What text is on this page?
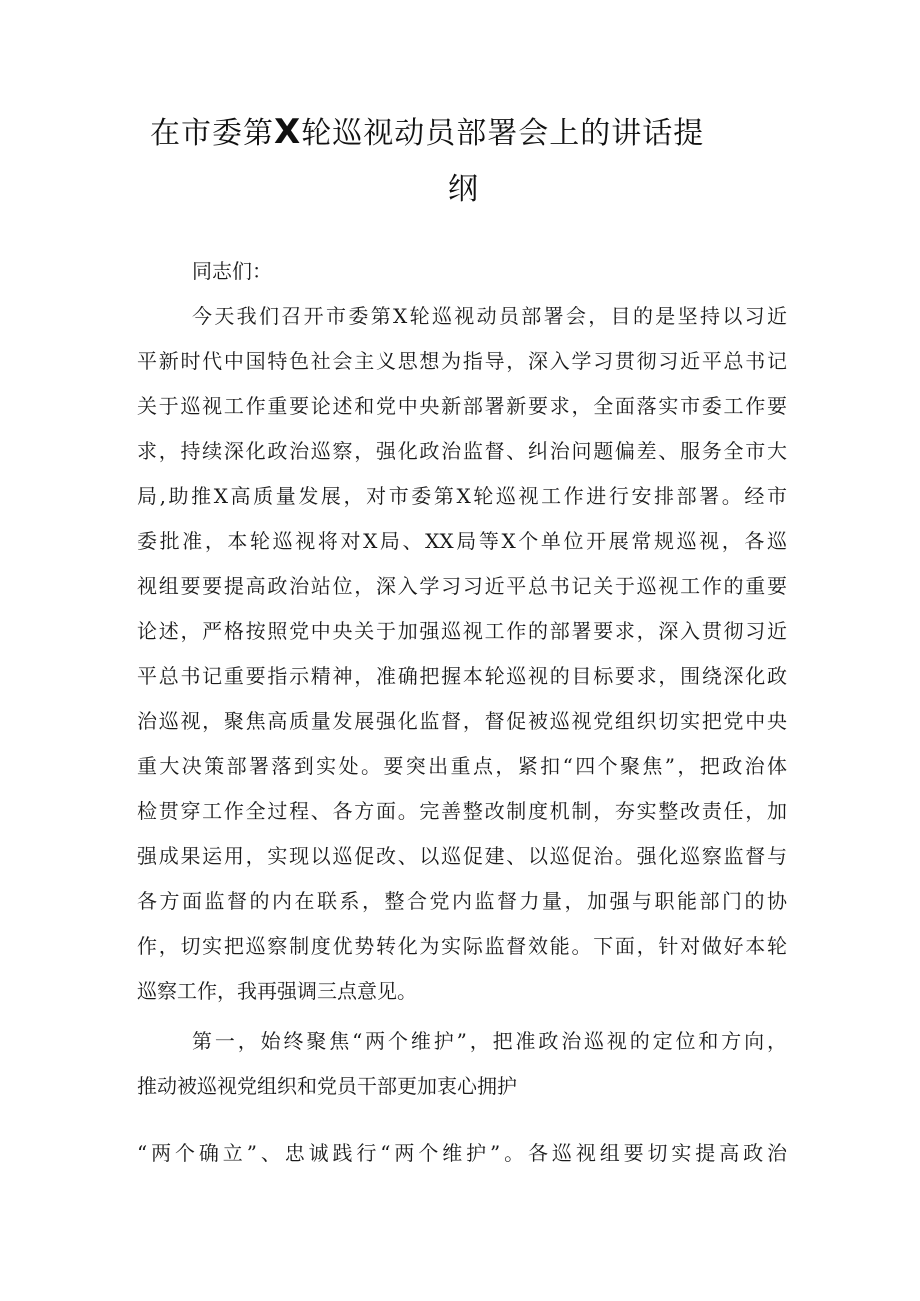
在市委第X轮巡视动员部署会上的讲话提
纲
同志们：
今天我们召开市委第X轮巡视动员部署会，目的是坚持以习近
平新时代中国特色社会主义思想为指导，深入学习贯彻习近平总书记
关于巡视工作重要论述和党中央新部署新要求，全面落实市委工作要
求，持续深化政治巡察，强化政治监督、纠治问题偏差、服务全市大
局,助推X高质量发展，对市委第X轮巡视工作进行安排部署。经市
委批准，本轮巡视将对X局、XX局等X个单位开展常规巡视，各巡
视组要要提高政治站位，深入学习习近平总书记关于巡视工作的重要
论述，严格按照党中央关于加强巡视工作的部署要求，深入贯彻习近
平总书记重要指示精神，准确把握本轮巡视的目标要求，围绕深化政
治巡视，聚焦高质量发展强化监督，督促被巡视党组织切实把党中央
重大决策部署落到实处。要突出重点，紧扣“四个聚焦”，把政治体
检贯穿工作全过程、各方面。完善整改制度机制，夯实整改责任，加
强成果运用，实现以巡促改、以巡促建、以巡促治。强化巡察监督与
各方面监督的内在联系，整合党内监督力量，加强与职能部门的协
作，切实把巡察制度优势转化为实际监督效能。下面，针对做好本轮
巡察工作，我再强调三点意见。
第一，始终聚焦“两个维护”，把准政治巡视的定位和方向，
推动被巡视党组织和党员干部更加衷心拥护
“两个确立”、忠诚践行“两个维护”。各巡视组要切实提高政治
